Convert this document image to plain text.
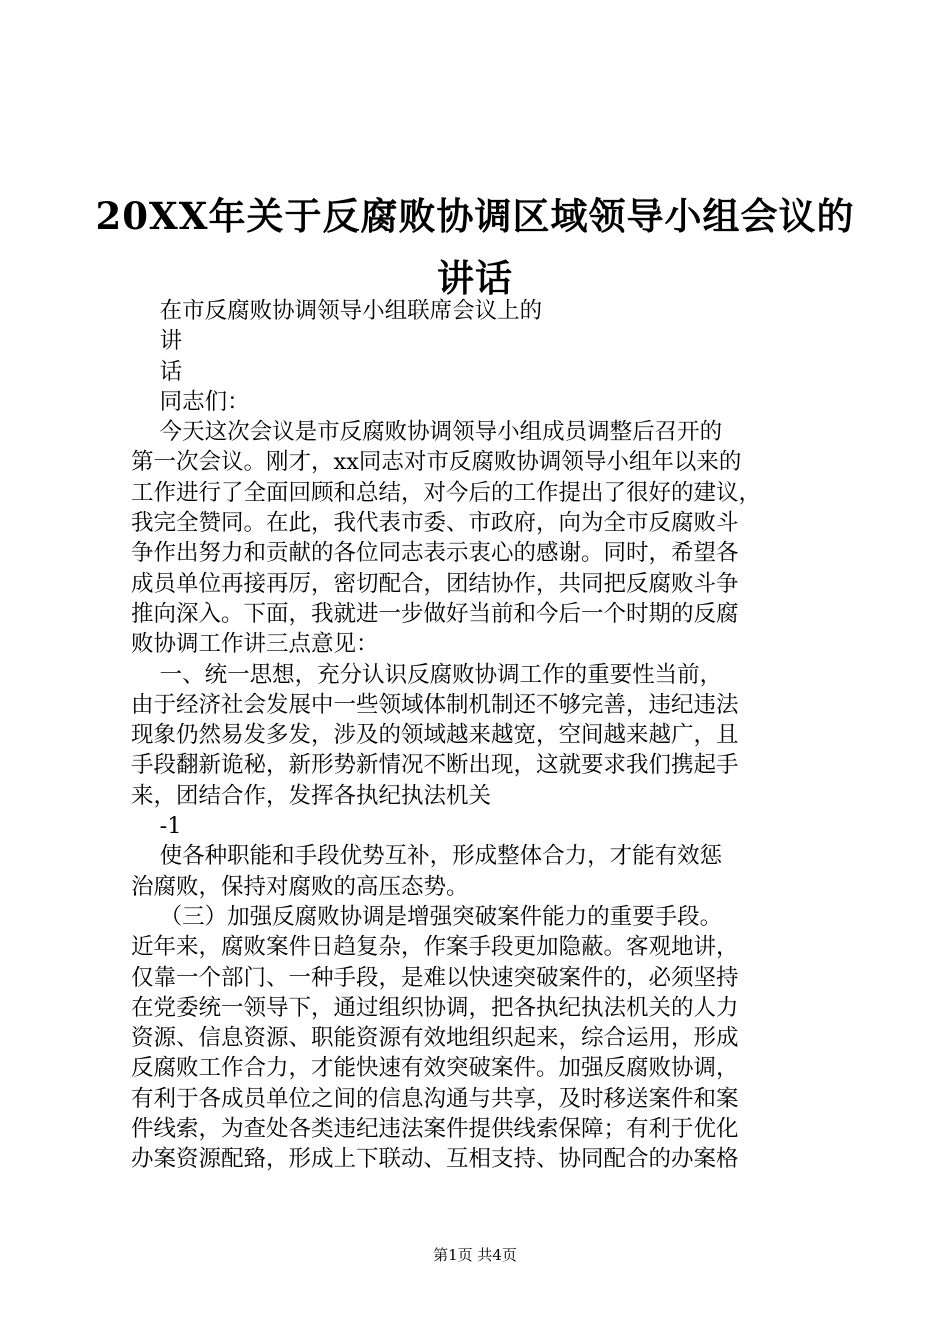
20XX年关于反腐败协调区域领导小组会议的
讲话
在市反腐败协调领导小组联席会议上的
讲
话
同志们：
今天这次会议是市反腐败协调领导小组成员调整后召开的
第一次会议。刚才，xx同志对市反腐败协调领导小组年以来的
工作进行了全面回顾和总结，对今后的工作提出了很好的建议，
我完全赞同。在此，我代表市委、市政府，向为全市反腐败斗
争作出努力和贡献的各位同志表示衷心的感谢。同时，希望各
成员单位再接再厉，密切配合，团结协作，共同把反腐败斗争
推向深入。下面，我就进一步做好当前和今后一个时期的反腐
败协调工作讲三点意见：
一、统一思想，充分认识反腐败协调工作的重要性当前，
由于经济社会发展中一些领域体制机制还不够完善，违纪违法
现象仍然易发多发，涉及的领域越来越宽，空间越来越广，且
手段翻新诡秘，新形势新情况不断出现，这就要求我们携起手
来，团结合作，发挥各执纪执法机关
-1
使各种职能和手段优势互补，形成整体合力，才能有效惩
治腐败，保持对腐败的高压态势。
（三）加强反腐败协调是增强突破案件能力的重要手段。
近年来，腐败案件日趋复杂，作案手段更加隐蔽。客观地讲，
仅靠一个部门、一种手段，是难以快速突破案件的，必须坚持
在党委统一领导下，通过组织协调，把各执纪执法机关的人力
资源、信息资源、职能资源有效地组织起来，综合运用，形成
反腐败工作合力，才能快速有效突破案件。加强反腐败协调，
有利于各成员单位之间的信息沟通与共享，及时移送案件和案
件线索，为查处各类违纪违法案件提供线索保障；有利于优化
办案资源配臵，形成上下联动、互相支持、协同配合的办案格
第1页 共4页
